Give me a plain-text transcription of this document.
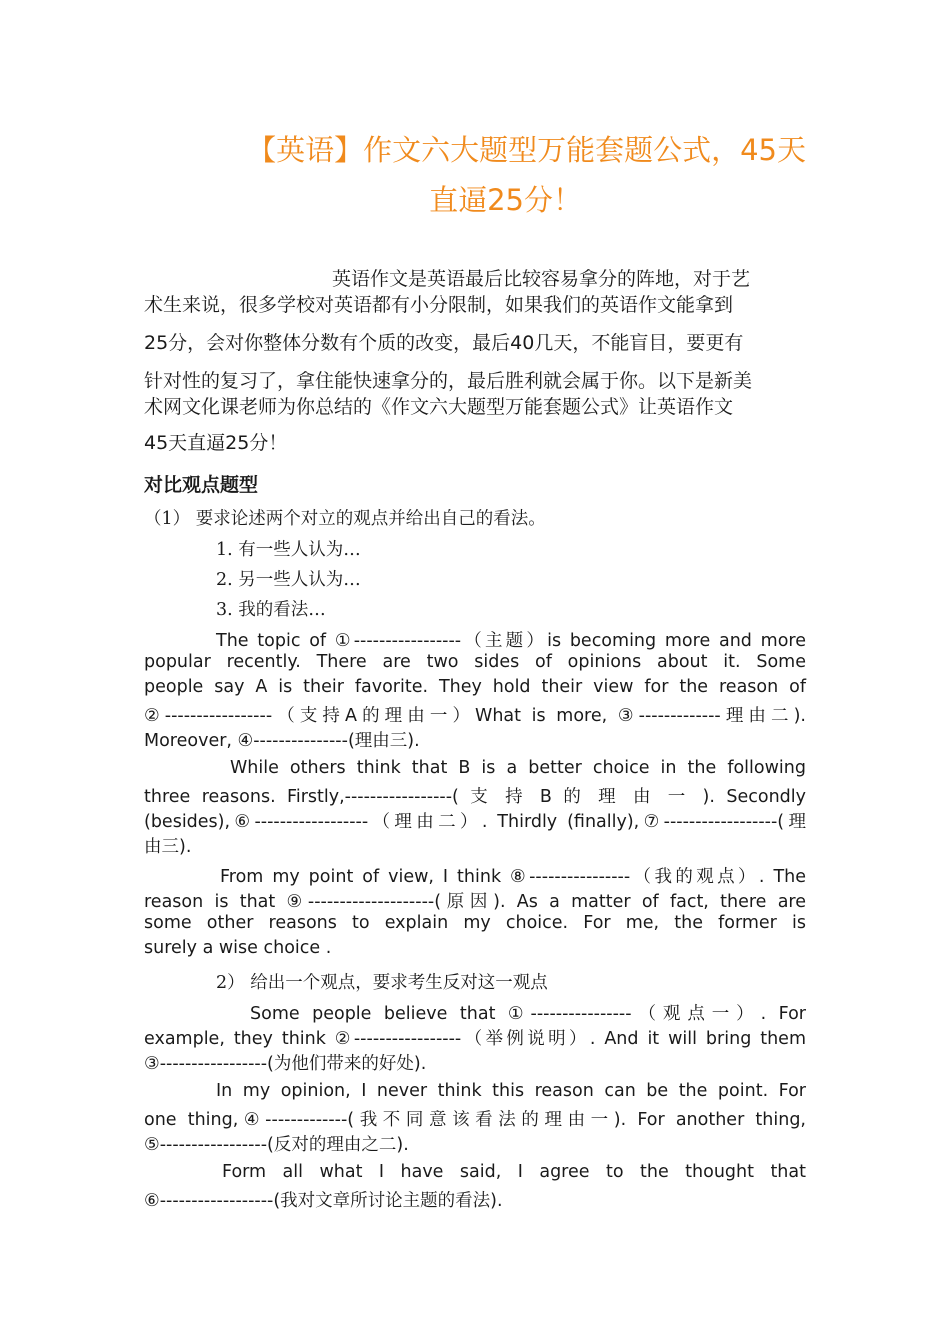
【英语】作文六大题型万能套题公式，45天
直逼25分！
英语作文是英语最后比较容易拿分的阵地，对于艺
术生来说，很多学校对英语都有小分限制，如果我们的英语作文能拿到
25分，会对你整体分数有个质的改变，最后40几天，不能盲目，要更有
针对性的复习了，拿住能快速拿分的，最后胜利就会属于你。以下是新美
术网文化课老师为你总结的《作文六大题型万能套题公式》让英语作文
45天直逼25分！
对比观点题型
（1） 要求论述两个对立的观点并给出自己的看法。
1. 有一些人认为…
2. 另一些人认为…
3. 我的看法…
The topic of ①-----------------（主题）is becoming more and more
popular recently. There are two sides of opinions about it. Some
people say A is their favorite. They hold their view for the reason of
②-----------------（支持A的理由一）What is more, ③-------------理由二).
Moreover, ④---------------(理由三).
While others think that B is a better choice in the following
three reasons. Firstly,-----------------( 支 持 B 的 理 由 一 ). Secondly
(besides),⑥------------------（理由二）. Thirdly (finally),⑦------------------(理
由三).
From my point of view, I think ⑧----------------（我的观点）. The
reason is that ⑨--------------------(原因). As a matter of fact, there are
some other reasons to explain my choice. For me, the former is
surely a wise choice .
2） 给出一个观点，要求考生反对这一观点
Some people believe that ①----------------（观点一）. For
example, they think ②-----------------（举例说明）. And it will bring them
③-----------------(为他们带来的好处).
In my opinion, I never think this reason can be the point. For
one thing,④-------------(我不同意该看法的理由一). For another thing,
⑤-----------------(反对的理由之二).
Form all what I have said, I agree to the thought that
⑥------------------(我对文章所讨论主题的看法).
